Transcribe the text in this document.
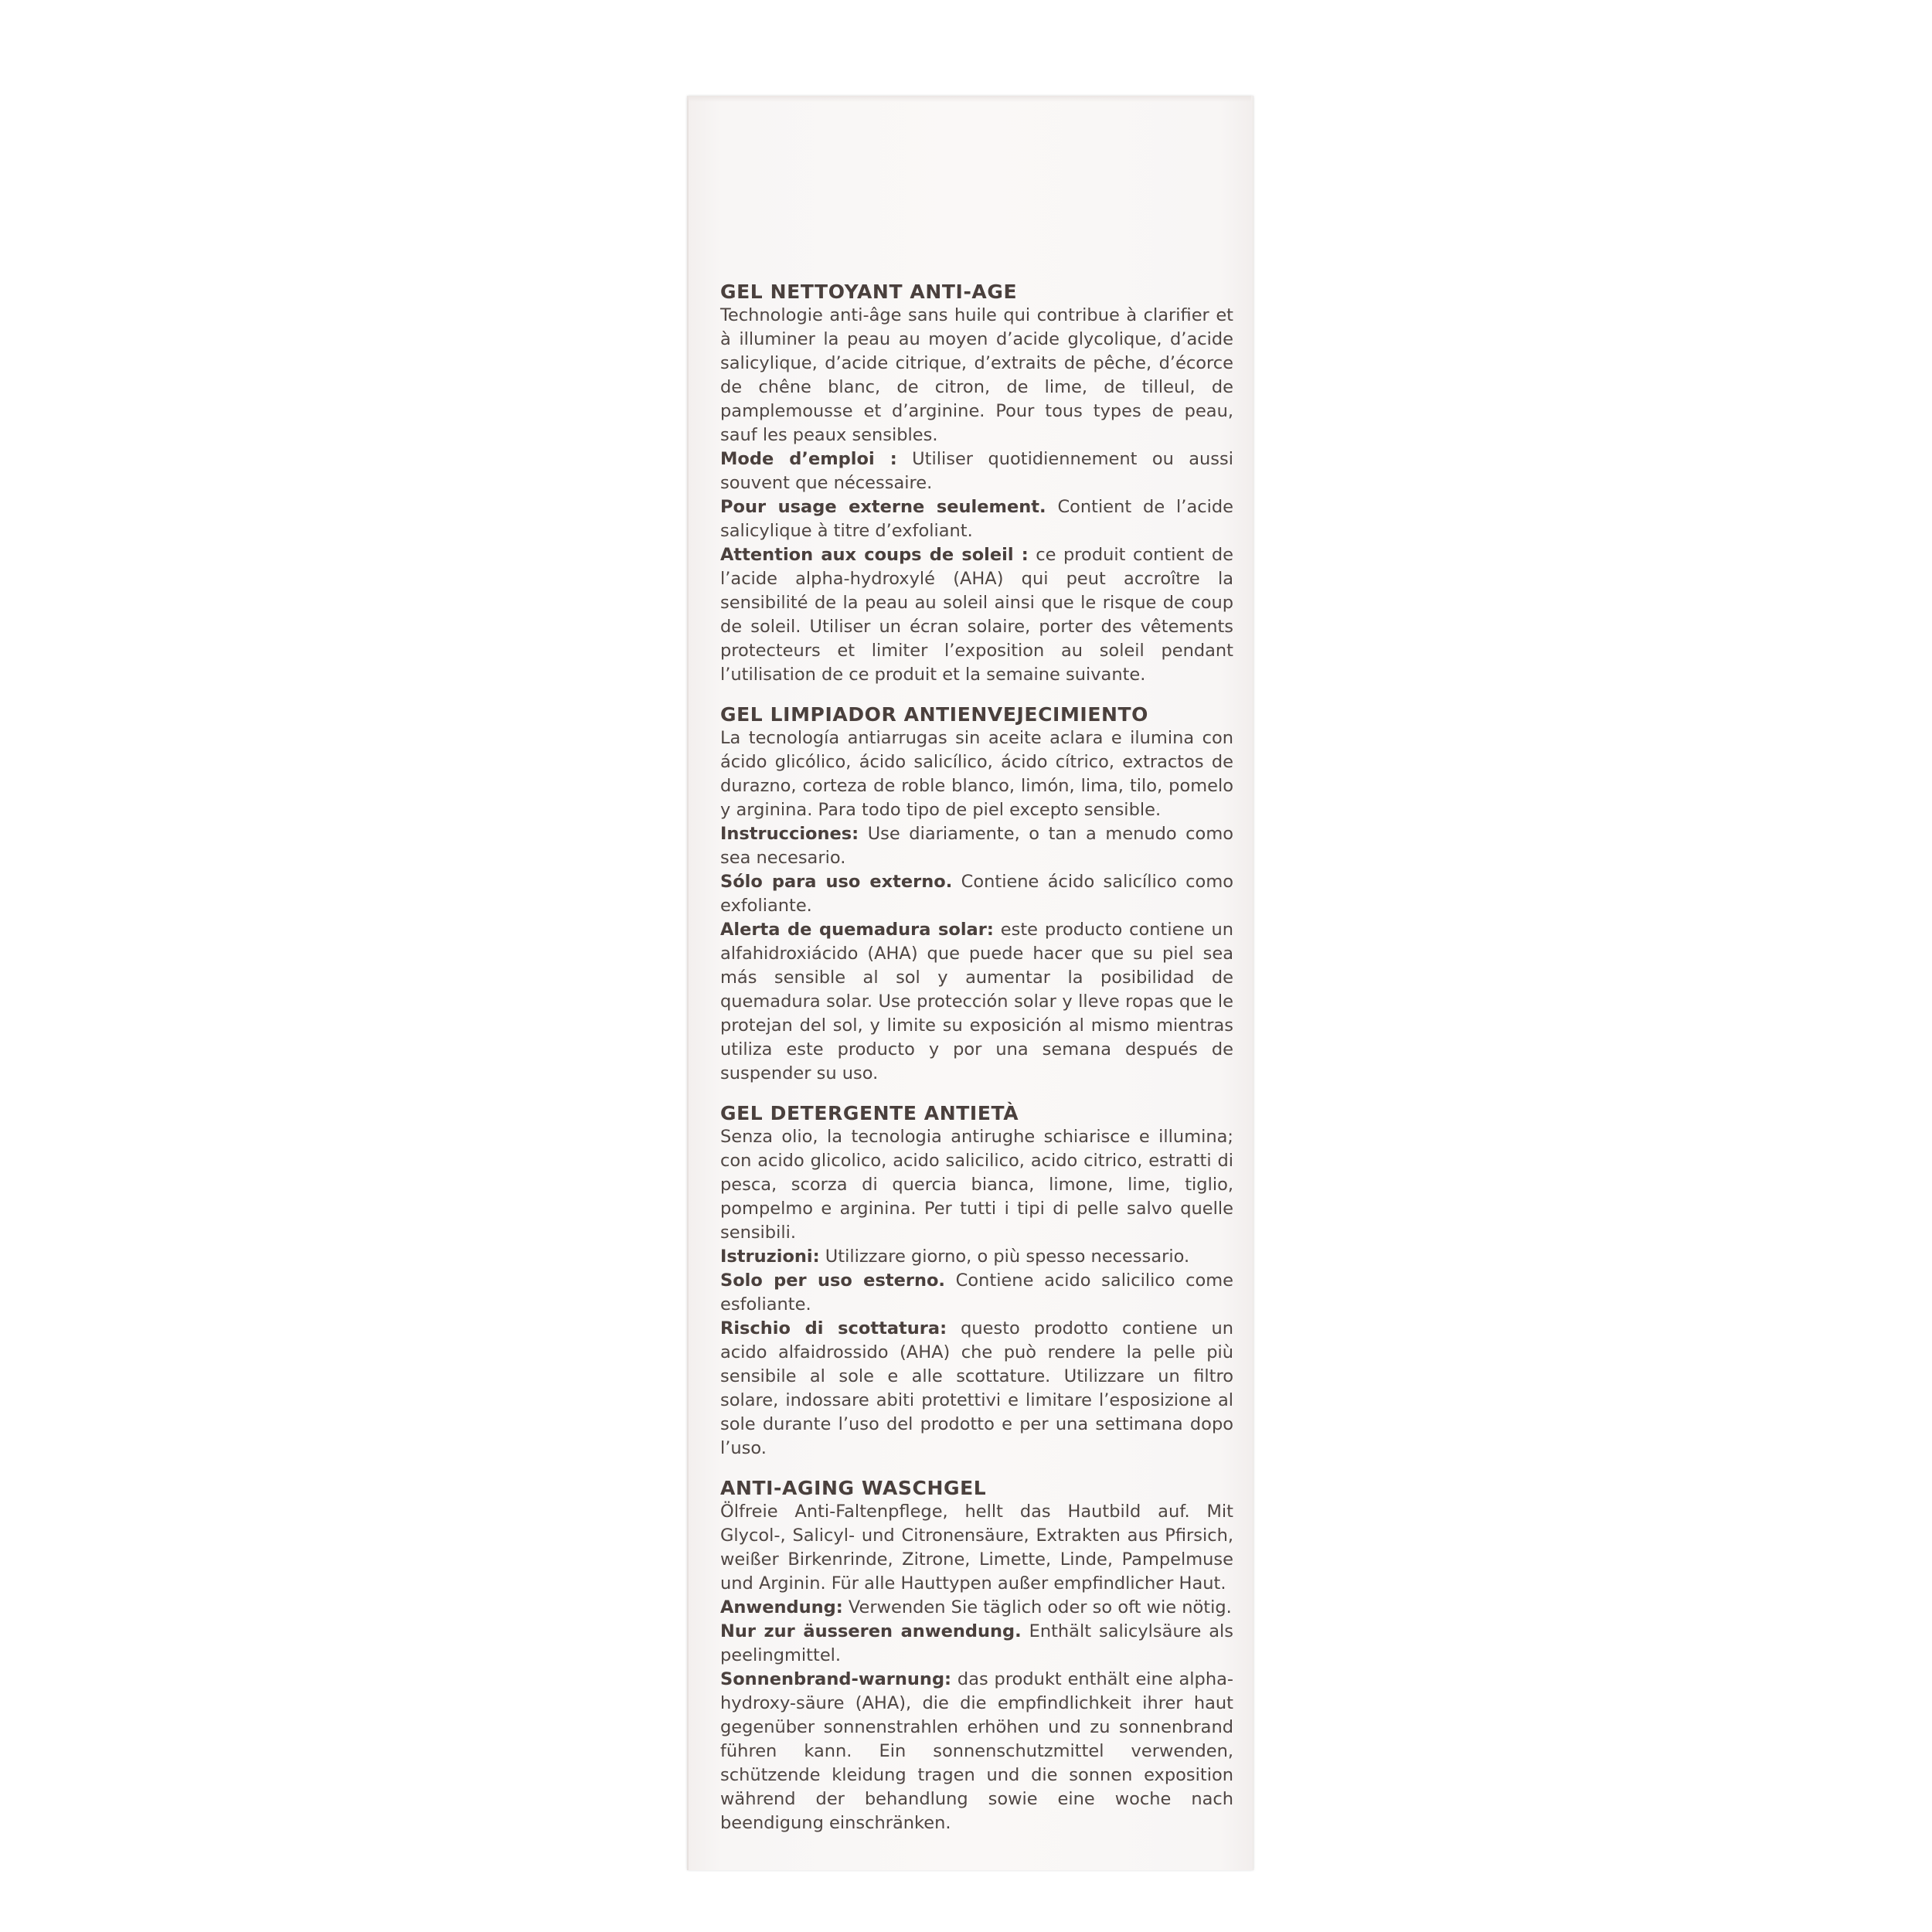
GEL NETTOYANT ANTI-AGE

Technologie anti-âge sans huile qui contribue à clarifier et à illuminer la peau au moyen d’acide glycolique, d’acide salicylique, d’acide citrique, d’extraits de pêche, d’écorce de chêne blanc, de citron, de lime, de tilleul, de pamplemousse et d’arginine. Pour tous types de peau, sauf les peaux sensibles.

Mode d’emploi : Utiliser quotidiennement ou aussi souvent que nécessaire.

Pour usage externe seulement. Contient de l’acide salicylique à titre d’exfoliant.

Attention aux coups de soleil : ce produit contient de l’acide alpha-hydroxylé (AHA) qui peut accroître la sensibilité de la peau au soleil ainsi que le risque de coup de soleil. Utiliser un écran solaire, porter des vêtements protecteurs et limiter l’exposition au soleil pendant l’utilisation de ce produit et la semaine suivante.

GEL LIMPIADOR ANTIENVEJECIMIENTO

La tecnología antiarrugas sin aceite aclara e ilumina con ácido glicólico, ácido salicílico, ácido cítrico, extractos de durazno, corteza de roble blanco, limón, lima, tilo, pomelo y arginina. Para todo tipo de piel excepto sensible.

Instrucciones: Use diariamente, o tan a menudo como sea necesario.

Sólo para uso externo. Contiene ácido salicílico como exfoliante.

Alerta de quemadura solar: este producto contiene un alfahidroxiácido (AHA) que puede hacer que su piel sea más sensible al sol y aumentar la posibilidad de quemadura solar. Use protección solar y lleve ropas que le protejan del sol, y limite su exposición al mismo mientras utiliza este producto y por una semana después de suspender su uso.

GEL DETERGENTE ANTIETÀ

Senza olio, la tecnologia antirughe schiarisce e illumina; con acido glicolico, acido salicilico, acido citrico, estratti di pesca, scorza di quercia bianca, limone, lime, tiglio, pompelmo e arginina. Per tutti i tipi di pelle salvo quelle sensibili.

Istruzioni: Utilizzare giorno, o più spesso necessario.

Solo per uso esterno. Contiene acido salicilico come esfoliante.

Rischio di scottatura: questo prodotto contiene un acido alfaidrossido (AHA) che può rendere la pelle più sensibile al sole e alle scottature. Utilizzare un filtro solare, indossare abiti protettivi e limitare l’esposizione al sole durante l’uso del prodotto e per una settimana dopo l’uso.

ANTI-AGING WASCHGEL

Ölfreie Anti-Faltenpflege, hellt das Hautbild auf. Mit Glycol-, Salicyl- und Citronensäure, Extrakten aus Pfirsich, weißer Birkenrinde, Zitrone, Limette, Linde, Pampelmuse und Arginin. Für alle Hauttypen außer empfindlicher Haut.

Anwendung: Verwenden Sie täglich oder so oft wie nötig.

Nur zur äusseren anwendung. Enthält salicylsäure als peelingmittel.

Sonnenbrand-warnung: das produkt enthält eine alpha-hydroxy-säure (AHA), die die empfindlichkeit ihrer haut gegenüber sonnenstrahlen erhöhen und zu sonnenbrand führen kann. Ein sonnenschutzmittel verwenden, schützende kleidung tragen und die sonnen exposition während der behandlung sowie eine woche nach beendigung einschränken.
